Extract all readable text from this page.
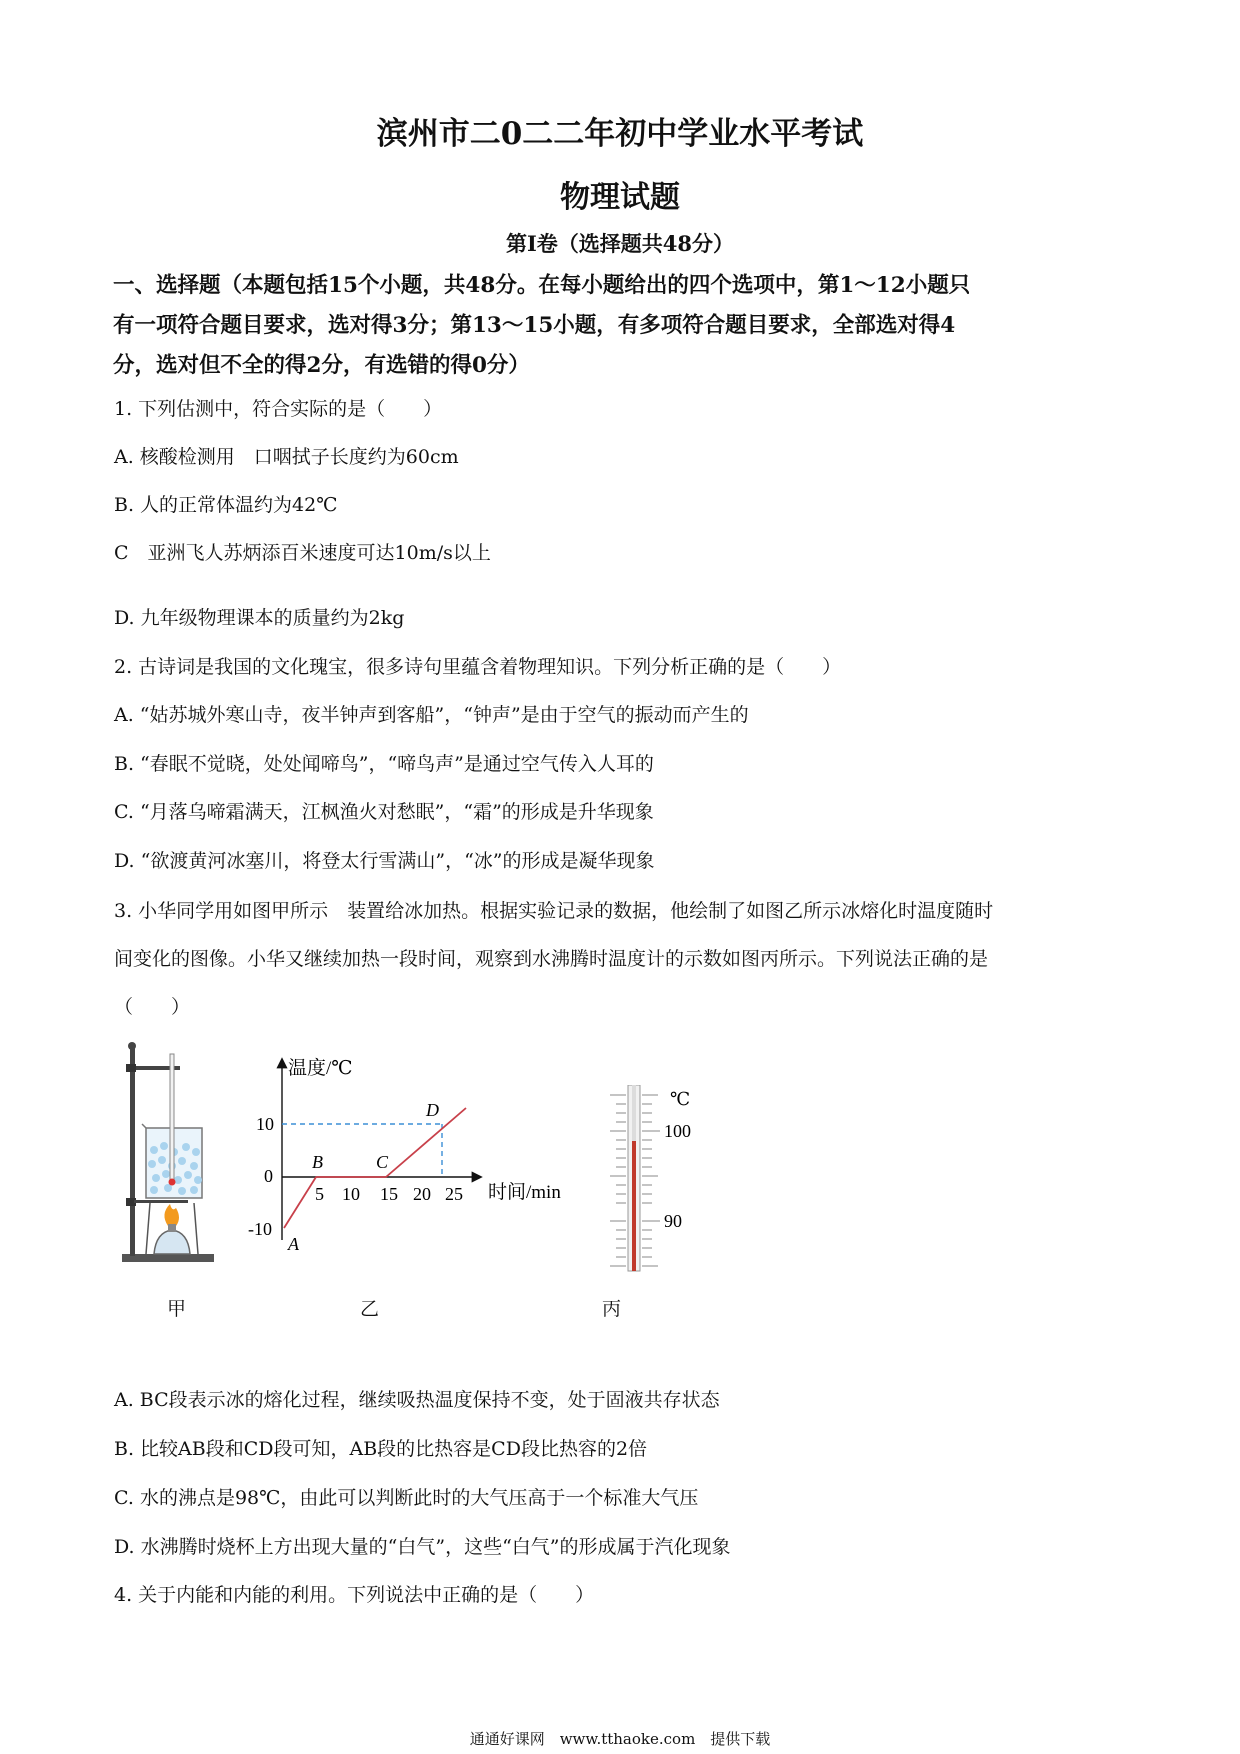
滨州市二0二二年初中学业水平考试
物理试题
第Ⅰ卷（选择题共48分）
一、选择题（本题包括15个小题，共48分。在每小题给出的四个选项中，第1～12小题只
有一项符合题目要求，选对得3分；第13～15小题，有多项符合题目要求，全部选对得4
分，选对但不全的得2分，有选错的得0分）
1. 下列估测中，符合实际的是（　　）
A. 核酸检测用　口咽拭子长度约为60cm
B. 人的正常体温约为42℃
C　亚洲飞人苏炳添百米速度可达10m/s以上
D. 九年级物理课本的质量约为2kg
2. 古诗词是我国的文化瑰宝，很多诗句里蕴含着物理知识。下列分析正确的是（　　）
A. “姑苏城外寒山寺，夜半钟声到客船”，“钟声”是由于空气的振动而产生的
B. “春眠不觉晓，处处闻啼鸟”，“啼鸟声”是通过空气传入人耳的
C. “月落乌啼霜满天，江枫渔火对愁眠”，“霜”的形成是升华现象
D. “欲渡黄河冰塞川，将登太行雪满山”，“冰”的形成是凝华现象
3. 小华同学用如图甲所示　装置给冰加热。根据实验记录的数据，他绘制了如图乙所示冰熔化时温度随时
间变化的图像。小华又继续加热一段时间，观察到水沸腾时温度计的示数如图丙所示。下列说法正确的是
（　　）
温度/℃
时间/min
10
0
-10
5 10 15 20 25
A
B	C
D
℃
100
90
甲	乙	丙
A. BC段表示冰的熔化过程，继续吸热温度保持不变，处于固液共存状态
B. 比较AB段和CD段可知，AB段的比热容是CD段比热容的2倍
C. 水的沸点是98℃，由此可以判断此时的大气压高于一个标准大气压
D. 水沸腾时烧杯上方出现大量的“白气”，这些“白气”的形成属于汽化现象
4. 关于内能和内能的利用。下列说法中正确的是（　　）
通通好课网　www.tthaoke.com　提供下载
